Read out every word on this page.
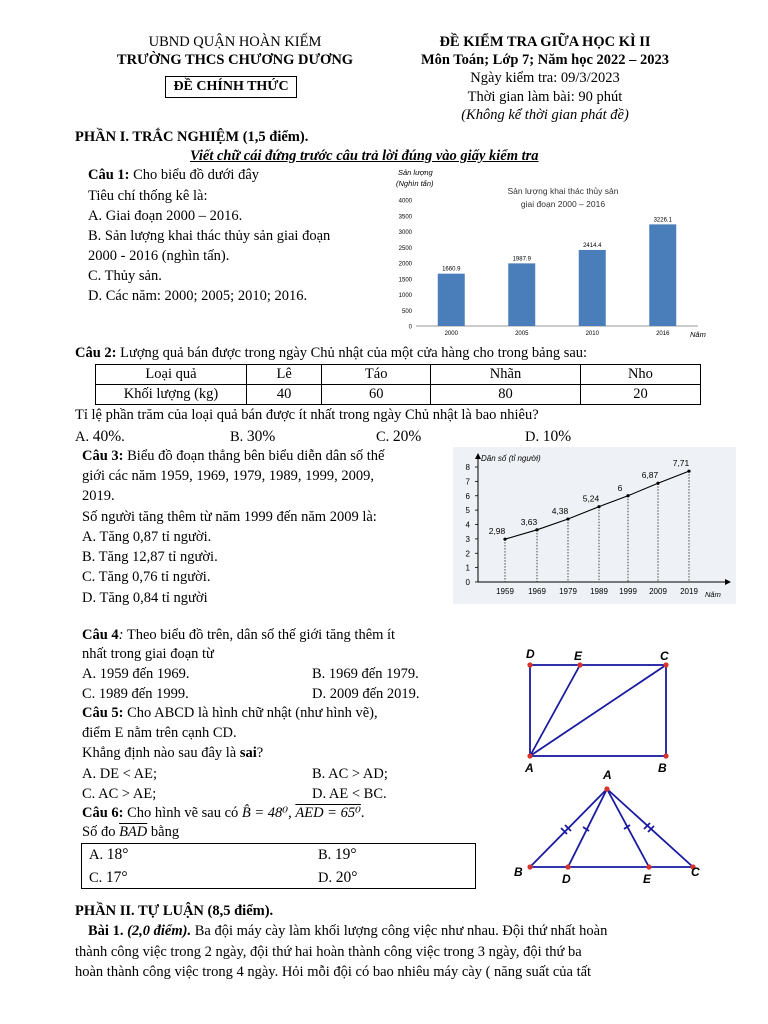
UBND QUẬN HOÀN KIẾM
TRƯỜNG THCS CHƯƠNG DƯƠNG
ĐỀ CHÍNH THỨC
ĐỀ KIỂM TRA GIỮA HỌC KÌ II
Môn Toán; Lớp 7; Năm học 2022 – 2023
Ngày kiểm tra: 09/3/2023
Thời gian làm bài: 90 phút
(Không kể thời gian phát đề)
PHẦN I. TRẮC NGHIỆM (1,5 điểm).
Viết chữ cái đứng trước câu trả lời đúng vào giấy kiểm tra
Câu 1: Cho biểu đồ dưới đây
Tiêu chí thống kê là:
A. Giai đoạn 2000 – 2016.
B. Sản lượng khai thác thủy sản giai đoạn
2000 - 2016 (nghìn tấn).
C. Thủy sản.
D. Các năm: 2000; 2005; 2010; 2016.
Sản lượng
(Nghìn tấn)
Sản lượng khai thác thủy sản
giai đoạn 2000 – 2016
Năm
0
500
1000
1500
2000
2500
3000
3500
4000
1660.9
2000
1987.9
2005
2414.4
2010
3226.1
2016
Câu 2: Lượng quả bán được trong ngày Chủ nhật của một cửa hàng cho trong bảng sau:
Loại quả	Lê	Táo	Nhãn	Nho
Khối lượng (kg)	40	60	80	20
Tỉ lệ phần trăm của loại quả bán được ít nhất trong ngày Chủ nhật là bao nhiêu?
A. 40%.	B. 30%	C. 20%	D. 10%
Câu 3: Biểu đồ đoạn thẳng bên biểu diễn dân số thế
giới các năm 1959, 1969, 1979, 1989, 1999, 2009,
2019.
Số người tăng thêm từ năm 1999 đến năm 2009 là:
A. Tăng 0,87 tỉ người.
B. Tăng 12,87 tỉ người.
C. Tăng 0,76 tỉ người.
D. Tăng 0,84 tỉ người
Dân số (tỉ người)
Năm
0
1
2
3
4
5
6
7
8
1959
2,98
1969
3,63
1979
4,38
1989
5,24
1999
6
2009
6,87
2019
7,71
Câu 4: Theo biểu đồ trên, dân số thế giới tăng thêm ít
nhất trong giai đoạn từ
A. 1959 đến 1969.	B. 1969 đến 1979.
C. 1989 đến 1999.	D. 2009 đến 2019.
Câu 5: Cho ABCD là hình chữ nhật (như hình vẽ),
điểm E nằm trên cạnh CD.
Khẳng định nào sau đây là sai?
A. DE < AE;	B. AC > AD;
C. AC > AE;	D. AE < BC.
D	E	C
A	B
Câu 6: Cho hình vẽ sau có B̂ = 48⁰, AED = 65⁰.
Số đo $\overline{BAD}$ bằng
A. 18°	B. 19°
C. 17°	D. 20°
A
B	D	E	C
PHẦN II. TỰ LUẬN (8,5 điểm).
Bài 1. (2,0 điểm). Ba đội máy cày làm khối lượng công việc như nhau. Đội thứ nhất hoàn
thành công việc trong 2 ngày, đội thứ hai hoàn thành công việc trong 3 ngày, đội thứ ba
hoàn thành công việc trong 4 ngày. Hỏi mỗi đội có bao nhiêu máy cày ( năng suất của tất
